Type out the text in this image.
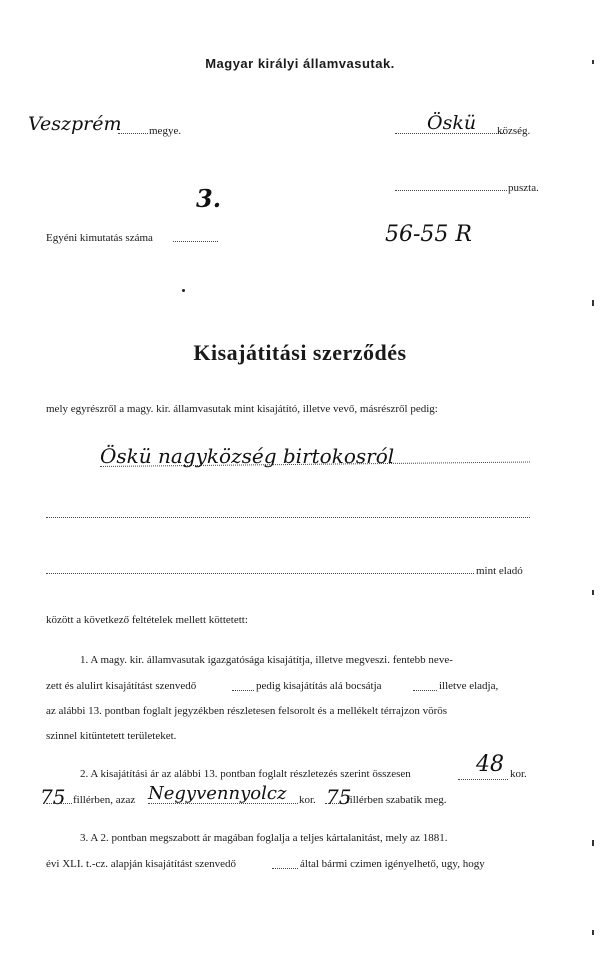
Magyar királyi államvasutak.
Veszprém	megye.	Öskü község.
3.	puszta.
Egyéni kimutatás száma	56-55 R
Kisajátitási szerződés
mely egyrészről a magy. kir. államvasutak mint kisajátító, illetve vevő, másrészről pedig:
Öskü nagyközség birtokosról
mint eladó
között a következő feltételek mellett köttetett:
1. A magy. kir. államvasutak igazgatósága kisajátítja, illetve megveszi. fentebb neve-
zett és alulirt kisajátítást szenvedő	pedig kisajátítás alá bocsátja	illetve eladja,
az alábbi 13. pontban foglalt jegyzékben részletesen felsorolt és a mellékelt térrajzon vörös
szinnel kitüntetett területeket.
2. A kisajátítási ár az alábbi 13. pontban foglalt részletezés szerint összesen	48 kor.
75 fillérben, azaz Negyvennyolcz kor. 75
fillérben szabatik meg.
3. A 2. pontban megszabott ár magában foglalja a teljes kártalanitást, mely az 1881.
évi XLI. t.-cz. alapján kisajátítást szenvedő	által bármi czimen igényelhető, ugy, hogy
